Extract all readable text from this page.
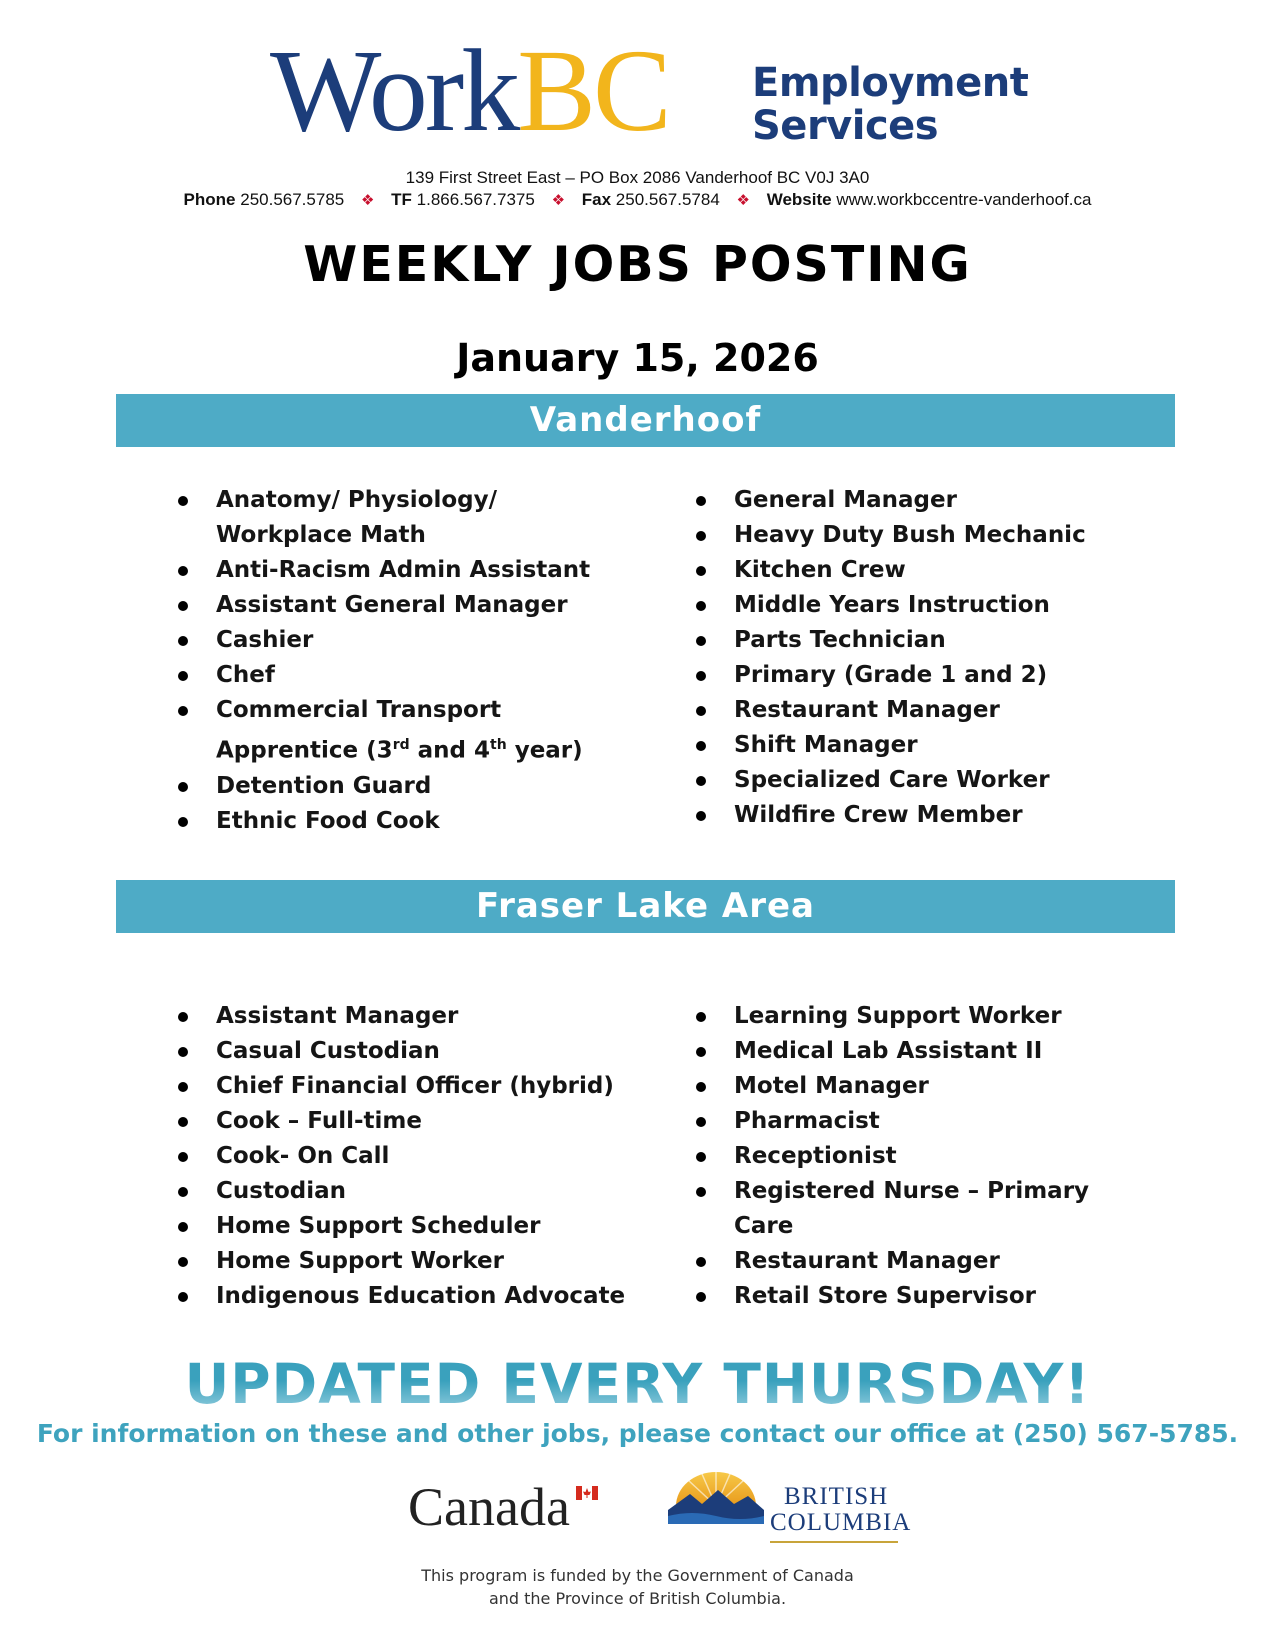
WorkBC Employment
Services
139 First Street East – PO Box 2086 Vanderhoof BC V0J 3A0
Phone 250.567.5785 ❖ TF 1.866.567.7375 ❖ Fax 250.567.5784 ❖ Website www.workbccentre-vanderhoof.ca
WEEKLY JOBS POSTING
January 15, 2026
Vanderhoof
Anatomy/ Physiology/
Workplace Math
Anti-Racism Admin Assistant
Assistant General Manager
Cashier
Chef
Commercial Transport
Apprentice (3rd and 4th year)
Detention Guard
Ethnic Food Cook
General Manager
Heavy Duty Bush Mechanic
Kitchen Crew
Middle Years Instruction
Parts Technician
Primary (Grade 1 and 2)
Restaurant Manager
Shift Manager
Specialized Care Worker
Wildfire Crew Member
Fraser Lake Area
Assistant Manager
Casual Custodian
Chief Financial Officer (hybrid)
Cook – Full-time
Cook- On Call
Custodian
Home Support Scheduler
Home Support Worker
Indigenous Education Advocate
Learning Support Worker
Medical Lab Assistant II
Motel Manager
Pharmacist
Receptionist
Registered Nurse – Primary
Care
Restaurant Manager
Retail Store Supervisor
UPDATED EVERY THURSDAY!
For information on these and other jobs, please contact our office at (250) 567-5785.
Canada	BRITISH
COLUMBIA
This program is funded by the Government of Canada
and the Province of British Columbia.
